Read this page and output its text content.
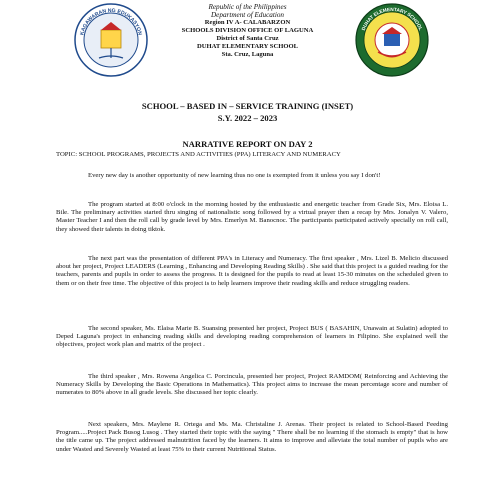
KAGAWARAN NG EDUKASYON
DUHAT ELEMENTARY SCHOOL
Republic of the Philippines
Department of Education
Region IV A- CALABARZON
SCHOOLS DIVISION OFFICE OF LAGUNA
District of Santa Cruz
DUHAT ELEMENTARY SCHOOL
Sta. Cruz, Laguna
SCHOOL – BASED IN – SERVICE TRAINING (INSET)
S.Y. 2022 – 2023
NARRATIVE REPORT ON DAY 2
TOPIC: SCHOOL PROGRAMS, PROJECTS AND ACTIVITIES (PPA) LITERACY AND NUMERACY
Every new day is another opportunity of new learning thus no one is exempted from it unless you say I don't!
The program started at 8:00 o'clock in the morning hosted by the enthusiastic and energetic teacher from Grade Six, Mrs. Eloisa L. Bile. The preliminary activities started thru singing of nationalistic song followed by a virtual prayer then a recap by Mrs. Jonalyn V. Valero, Master Teacher I and then the roll call by grade level by Mrs. Emerlyn M. Banocnoc. The participants participated actively specially on roll call, they showed their talents in doing tiktok.
The next part was the presentation of different PPA's in Literacy and Numeracy. The first speaker , Mrs. Lizel B. Melicio discussed about her project, Project LEADERS (Learning , Enhancing and Developing Reading Skills) . She said that this project is a guided reading for the teachers, parents and pupils in order to assess the progress. It is designed for the pupils to read at least 15-30 minutes on the scheduled given to them or on their free time. The objective of this project is to help learners improve their reading skills and reduce struggling readers.
The second speaker, Ms. Elaisa Marie B. Suansing presented her project, Project BUS ( BASAHIN, Unawain at Sulatin) adopted to Deped Laguna's project in enhancing reading skills and developing reading comprehension of learners in Filipino. She explained well the objectives, project work plan and matrix of the project .
The third speaker , Mrs. Rowena Angelica C. Porcincula, presented her project, Project RAMDOM( Reinforcing and Achieving the Numeracy Skills by Developing the Basic Operations in Mathematics). This project aims to increase the mean percentage score and number of numerates to 80% above in all grade levels. She discussed her topic clearly.
Next speakers, Mrs. Maylene R. Ortega and Ms. Ma. Christaline J. Arenas. Their project is related to School-Based Feeding Program.....Project Pack Busog Lusog . They started their topic with the saying " There shall be no learning if the stomach is empty" that is how the title came up. The project addressed malnutrition faced by the learners. It aims to improve and alleviate the total number of pupils who are under Wasted and Severely Wasted at least 75% to their current Nutritional Status.
